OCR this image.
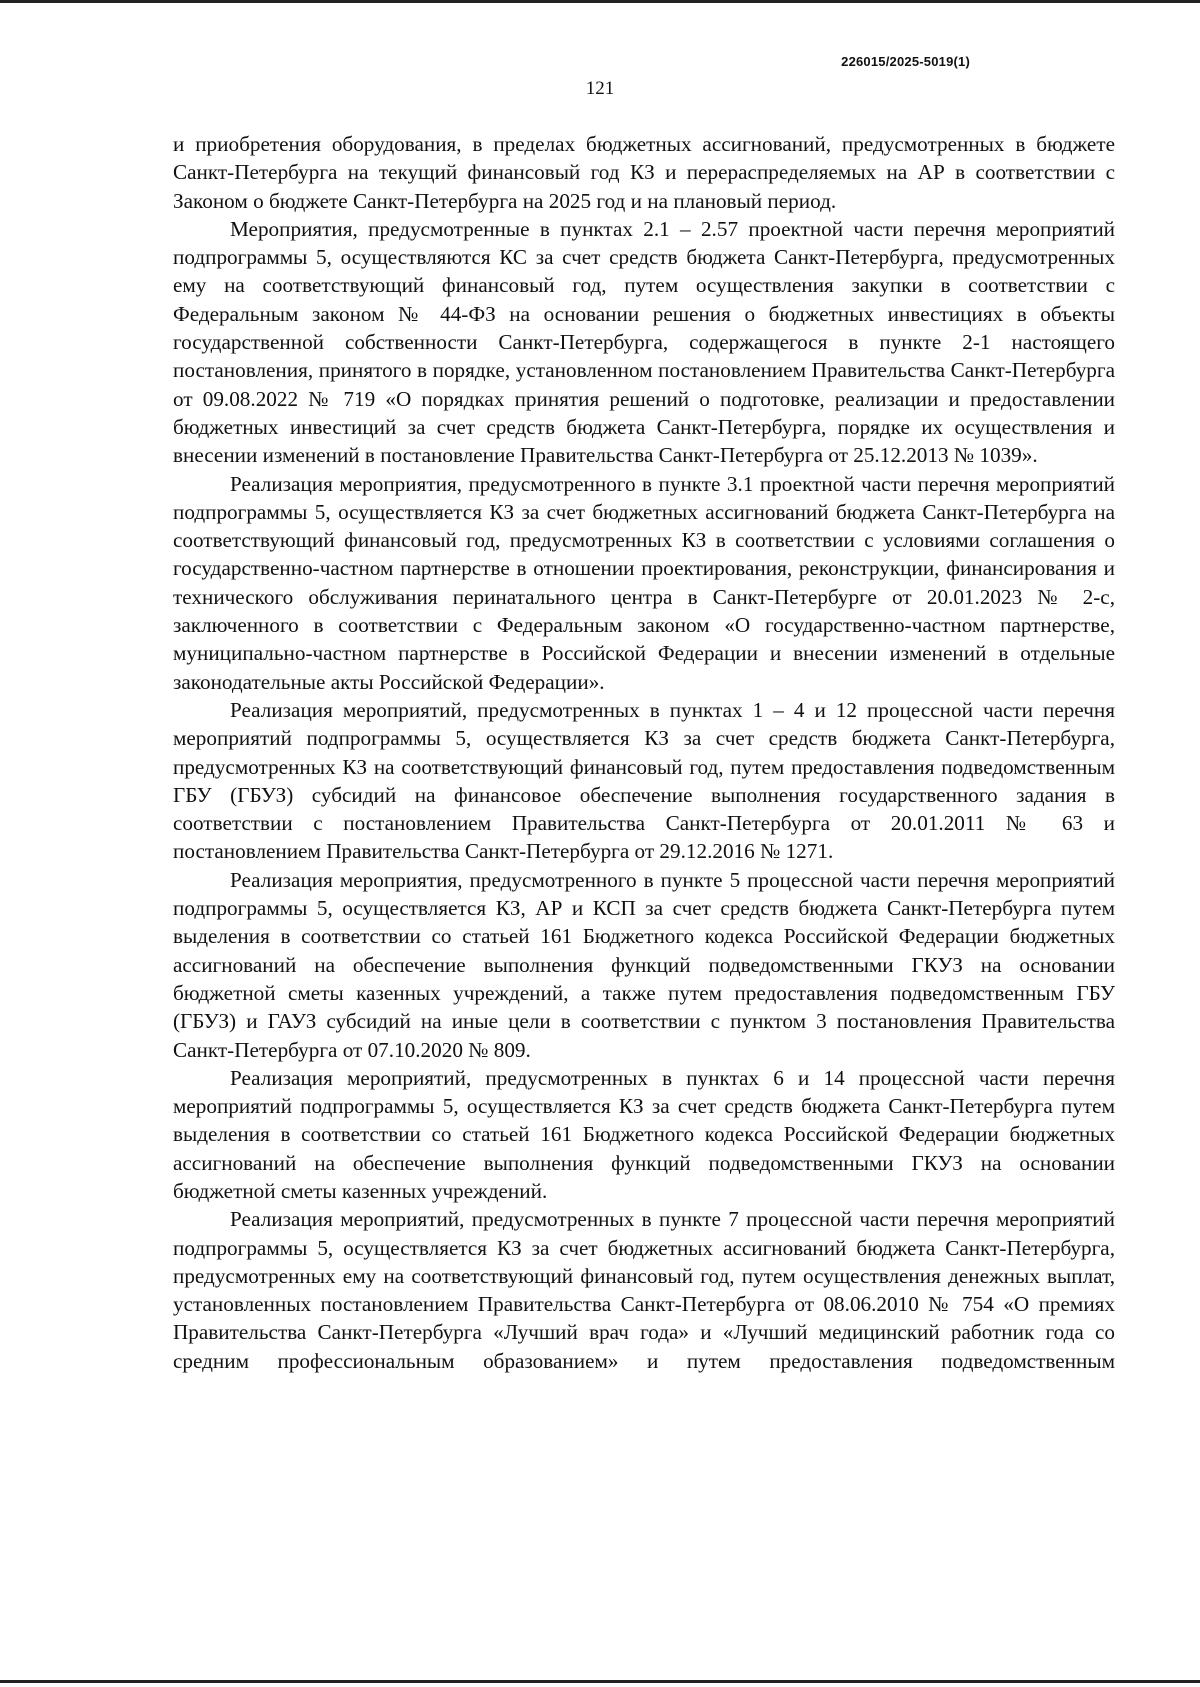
226015/2025-5019(1)
121

и приобретения оборудования, в пределах бюджетных ассигнований, предусмотренных в бюджете Санкт-Петербурга на текущий финансовый год КЗ и перераспределяемых на АР в соответствии с Законом о бюджете Санкт-Петербурга на 2025 год и на плановый период.

Мероприятия, предусмотренные в пунктах 2.1 – 2.57 проектной части перечня мероприятий подпрограммы 5, осуществляются КС за счет средств бюджета Санкт-Петербурга, предусмотренных ему на соответствующий финансовый год, путем осуществления закупки в соответствии с Федеральным законом № 44-ФЗ на основании решения о бюджетных инвестициях в объекты государственной собственности Санкт-Петербурга, содержащегося в пункте 2-1 настоящего постановления, принятого в порядке, установленном постановлением Правительства Санкт-Петербурга от 09.08.2022 № 719 «О порядках принятия решений о подготовке, реализации и предоставлении бюджетных инвестиций за счет средств бюджета Санкт-Петербурга, порядке их осуществления и внесении изменений в постановление Правительства Санкт-Петербурга от 25.12.2013 № 1039».

Реализация мероприятия, предусмотренного в пункте 3.1 проектной части перечня мероприятий подпрограммы 5, осуществляется КЗ за счет бюджетных ассигнований бюджета Санкт-Петербурга на соответствующий финансовый год, предусмотренных КЗ в соответствии с условиями соглашения о государственно-частном партнерстве в отношении проектирования, реконструкции, финансирования и технического обслуживания перинатального центра в Санкт-Петербурге от 20.01.2023 № 2-с, заключенного в соответствии с Федеральным законом «О государственно-частном партнерстве, муниципально-частном партнерстве в Российской Федерации и внесении изменений в отдельные законодательные акты Российской Федерации».

Реализация мероприятий, предусмотренных в пунктах 1 – 4 и 12 процессной части перечня мероприятий подпрограммы 5, осуществляется КЗ за счет средств бюджета Санкт-Петербурга, предусмотренных КЗ на соответствующий финансовый год, путем предоставления подведомственным ГБУ (ГБУЗ) субсидий на финансовое обеспечение выполнения государственного задания в соответствии с постановлением Правительства Санкт-Петербурга от 20.01.2011 № 63 и постановлением Правительства Санкт-Петербурга от 29.12.2016 № 1271.

Реализация мероприятия, предусмотренного в пункте 5 процессной части перечня мероприятий подпрограммы 5, осуществляется КЗ, АР и КСП за счет средств бюджета Санкт-Петербурга путем выделения в соответствии со статьей 161 Бюджетного кодекса Российской Федерации бюджетных ассигнований на обеспечение выполнения функций подведомственными ГКУЗ на основании бюджетной сметы казенных учреждений, а также путем предоставления подведомственным ГБУ (ГБУЗ) и ГАУЗ субсидий на иные цели в соответствии с пунктом 3 постановления Правительства Санкт-Петербурга от 07.10.2020 № 809.

Реализация мероприятий, предусмотренных в пунктах 6 и 14 процессной части перечня мероприятий подпрограммы 5, осуществляется КЗ за счет средств бюджета Санкт-Петербурга путем выделения в соответствии со статьей 161 Бюджетного кодекса Российской Федерации бюджетных ассигнований на обеспечение выполнения функций подведомственными ГКУЗ на основании бюджетной сметы казенных учреждений.

Реализация мероприятий, предусмотренных в пункте 7 процессной части перечня мероприятий подпрограммы 5, осуществляется КЗ за счет бюджетных ассигнований бюджета Санкт-Петербурга, предусмотренных ему на соответствующий финансовый год, путем осуществления денежных выплат, установленных постановлением Правительства Санкт-Петербурга от 08.06.2010 № 754 «О премиях Правительства Санкт-Петербурга «Лучший врач года» и «Лучший медицинский работник года со средним профессиональным образованием» и путем предоставления подведомственным
